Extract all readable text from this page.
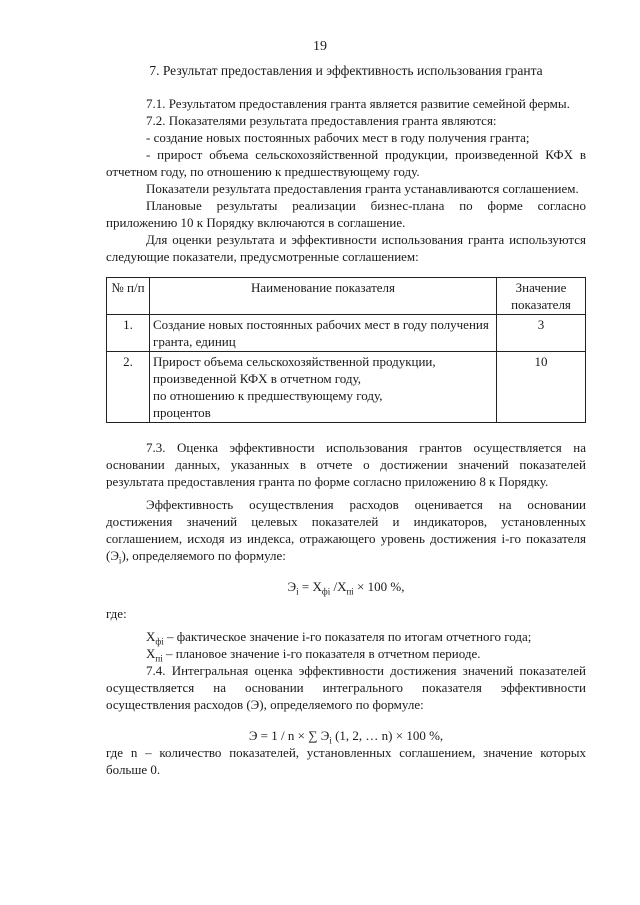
19
7. Результат предоставления и эффективность использования гранта

7.1. Результатом предоставления гранта является развитие семейной фермы.

7.2. Показателями результата предоставления гранта являются:

- создание новых постоянных рабочих мест в году получения гранта;

- прирост объема сельскохозяйственной продукции, произведенной КФХ в отчетном году, по отношению к предшествующему году.

Показатели результата предоставления гранта устанавливаются соглашением.

Плановые результаты реализации бизнес-плана по форме согласно приложению 10 к Порядку включаются в соглашение.

Для оценки результата и эффективности использования гранта используются следующие показатели, предусмотренные соглашением:

№ п/п	Наименование показателя	Значение показателя
1.	Создание новых постоянных рабочих мест в году получения гранта, единиц	3
2.	Прирост объема сельскохозяйственной продукции,
произведенной КФХ в отчетном году,
по отношению к предшествующему году,
процентов	10

7.3. Оценка эффективности использования грантов осуществляется на основании данных, указанных в отчете о достижении значений показателей результата предоставления гранта по форме согласно приложению 8 к Порядку.

Эффективность осуществления расходов оценивается на основании достижения значений целевых показателей и индикаторов, установленных соглашением, исходя из индекса, отражающего уровень достижения i-го показателя $(Э_i)$, определяемого по формуле:

$Э_i = Х_{фi}$ $/Х_{пi} \times 100$ %,

где:

$Х_{фi}$ – фактическое значение i-го показателя по итогам отчетного года;

$Х_{пi}$ – плановое значение i-го показателя в отчетном периоде.

7.4. Интегральная оценка эффективности достижения значений показателей осуществляется на основании интегрального показателя эффективности осуществления расходов (Э), определяемого по формуле:

Э = 1 / n × ∑ $Э_i$ (1, 2, … n) × 100 %,

где n – количество показателей, установленных соглашением, значение которых больше 0.
